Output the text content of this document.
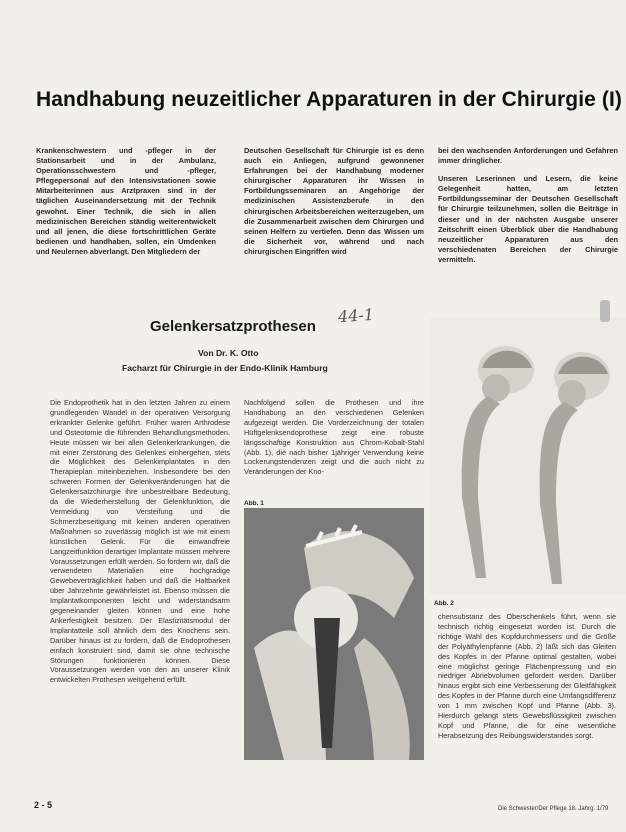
Handhabung neuzeitlicher Apparaturen in der Chirurgie (I)

Krankenschwestern und -pfleger in der Stationsarbeit und in der Ambulanz, Operationsschwestern und -pfleger, Pflegepersonal auf den Intensivstationen sowie Mitarbeiterinnen aus Arztpraxen sind in der täglichen Auseinandersetzung mit der Technik gewohnt. Einer Technik, die sich in allen medizinischen Bereichen ständig weiterentwickelt und all jenen, die diese fortschrittlichen Geräte bedienen und handhaben, sollen, ein Umdenken und Neulernen abverlangt. Den Mitgliedern der

Deutschen Gesellschaft für Chirurgie ist es denn auch ein Anliegen, aufgrund gewonnener Erfahrungen bei der Handhabung moderner chirurgischer Apparaturen ihr Wissen in Fortbildungsseminaren an Angehörige der medizinischen Assistenzberufe in den chirurgischen Arbeitsbereichen weiterzugeben, um die Zusammenarbeit zwischen dem Chirurgen und seinen Helfern zu vertiefen. Denn das Wissen um die Sicherheit vor, während und nach chirurgischen Eingriffen wird

bei den wachsenden Anforderungen und Gefahren immer dringlicher.

Unseren Leserinnen und Lesern, die keine Gelegenheit hatten, am letzten Fortbildungsseminar der Deutschen Gesellschaft für Chirurgie teilzunehmen, sollen die Beiträge in dieser und in der nächsten Ausgabe unserer Zeitschrift einen Überblick über die Handhabung neuzeitlicher Apparaturen aus den verschiedenaten Bereichen der Chirurgie vermitteln.

44-1
Gelenkersatzprothesen
Von Dr. K. Otto
Facharzt für Chirurgie in der Endo-Klinik Hamburg

Die Endoprothetik hat in den letzten Jahren zu einem grundlegenden Wandel in der operativen Versorgung erkrankter Gelenke geführt. Früher waren Arthrodese und Osteotomie die führenden Behandlungsmethoden. Heute müssen wir bei allen Gelenkerkrankungen, die mit einer Zerstörung des Gelenkes einhergehen, stets die Möglichkeit des Gelenkimplantates in den Therapieplan miteinbeziehen. Insbesondere bei den schweren Formen der Gelenkveränderungen hat die Gelenkersatzchirurgie ihre unbestreitbare Bedeutung, da die Wiederherstellung der Gelenkfunktion, die Vermeidung von Versteifung und die Schmerzbeseitigung mit keinen anderen operativen Maßnahmen so zuverlässig möglich ist wie mit einem künstlichen Gelenk. Für die einwandfreie Langzeitfunktion derartiger Implantate müssen mehrere Voraussetzungen erfüllt werden. So fordern wir, daß die verwendeten Materialien eine hochgradige Gewebeverträglichkeit haben und daß die Haltbarkeit über Jahrzehnte gewährleistet ist. Ebenso müssen die Implantatkomponenten leicht und widerstandsarm gegeneinander gleiten können und eine hohe Ankerfestigkeit besitzen. Der Elastizitätsmodul der Implantatteile soll ähnlich dem des Knochens sein. Darüber hinaus ist zu fordern, daß die Endoprothesen einfach konstruiert sind, damit sie ohne technische Störungen funktionieren können. Diese Voraussetzungen werden von den an unserer Klinik entwickelten Prothesen weitgehend erfüllt.

Nachfolgend sollen die Prothesen und ihre Handhabung an den verschiedenen Gelenken aufgezeigt werden. Die Vorderzeichnung der totalen Hüftgelenksendoprothese zeigt eine robuste längsschaftige Konstruktion aus Chrom-Kobalt-Stahl (Abb. 1), die nach bisher 1jähriger Verwendung keine Lockerungstendenzen zeigt und die auch nicht zu Veränderungen der Kno-

Abb. 1
Abb. 2

chensubstanz des Oberschenkels führt, wenn sie technisch richtig eingesetzt worden ist. Durch die richtige Wahl des Kopfdurchmessers und die Größe der Polyäthylenpfanne (Abb. 2) läßt sich das Gleiten des Kopfes in der Pfanne optimal gestalten, wobei eine möglichst geringe Flächenpressung und ein niedriger Abriebvolumen gefordert werden. Darüber hinaus ergibt sich eine Verbesserung der Gleitfähigkeit des Kopfes in der Pfanne durch eine Umfangsdifferenz von 1 mm zwischen Kopf und Pfanne (Abb. 3). Hierdurch gelangt stets Gewebsflüssigkeit zwischen Kopf und Pfanne, die für eine wesentliche Herabsetzung des Reibungswiderstandes sorgt.

2 - 5	Die Schwester/Der Pflege 18. Jahrg. 1/79
